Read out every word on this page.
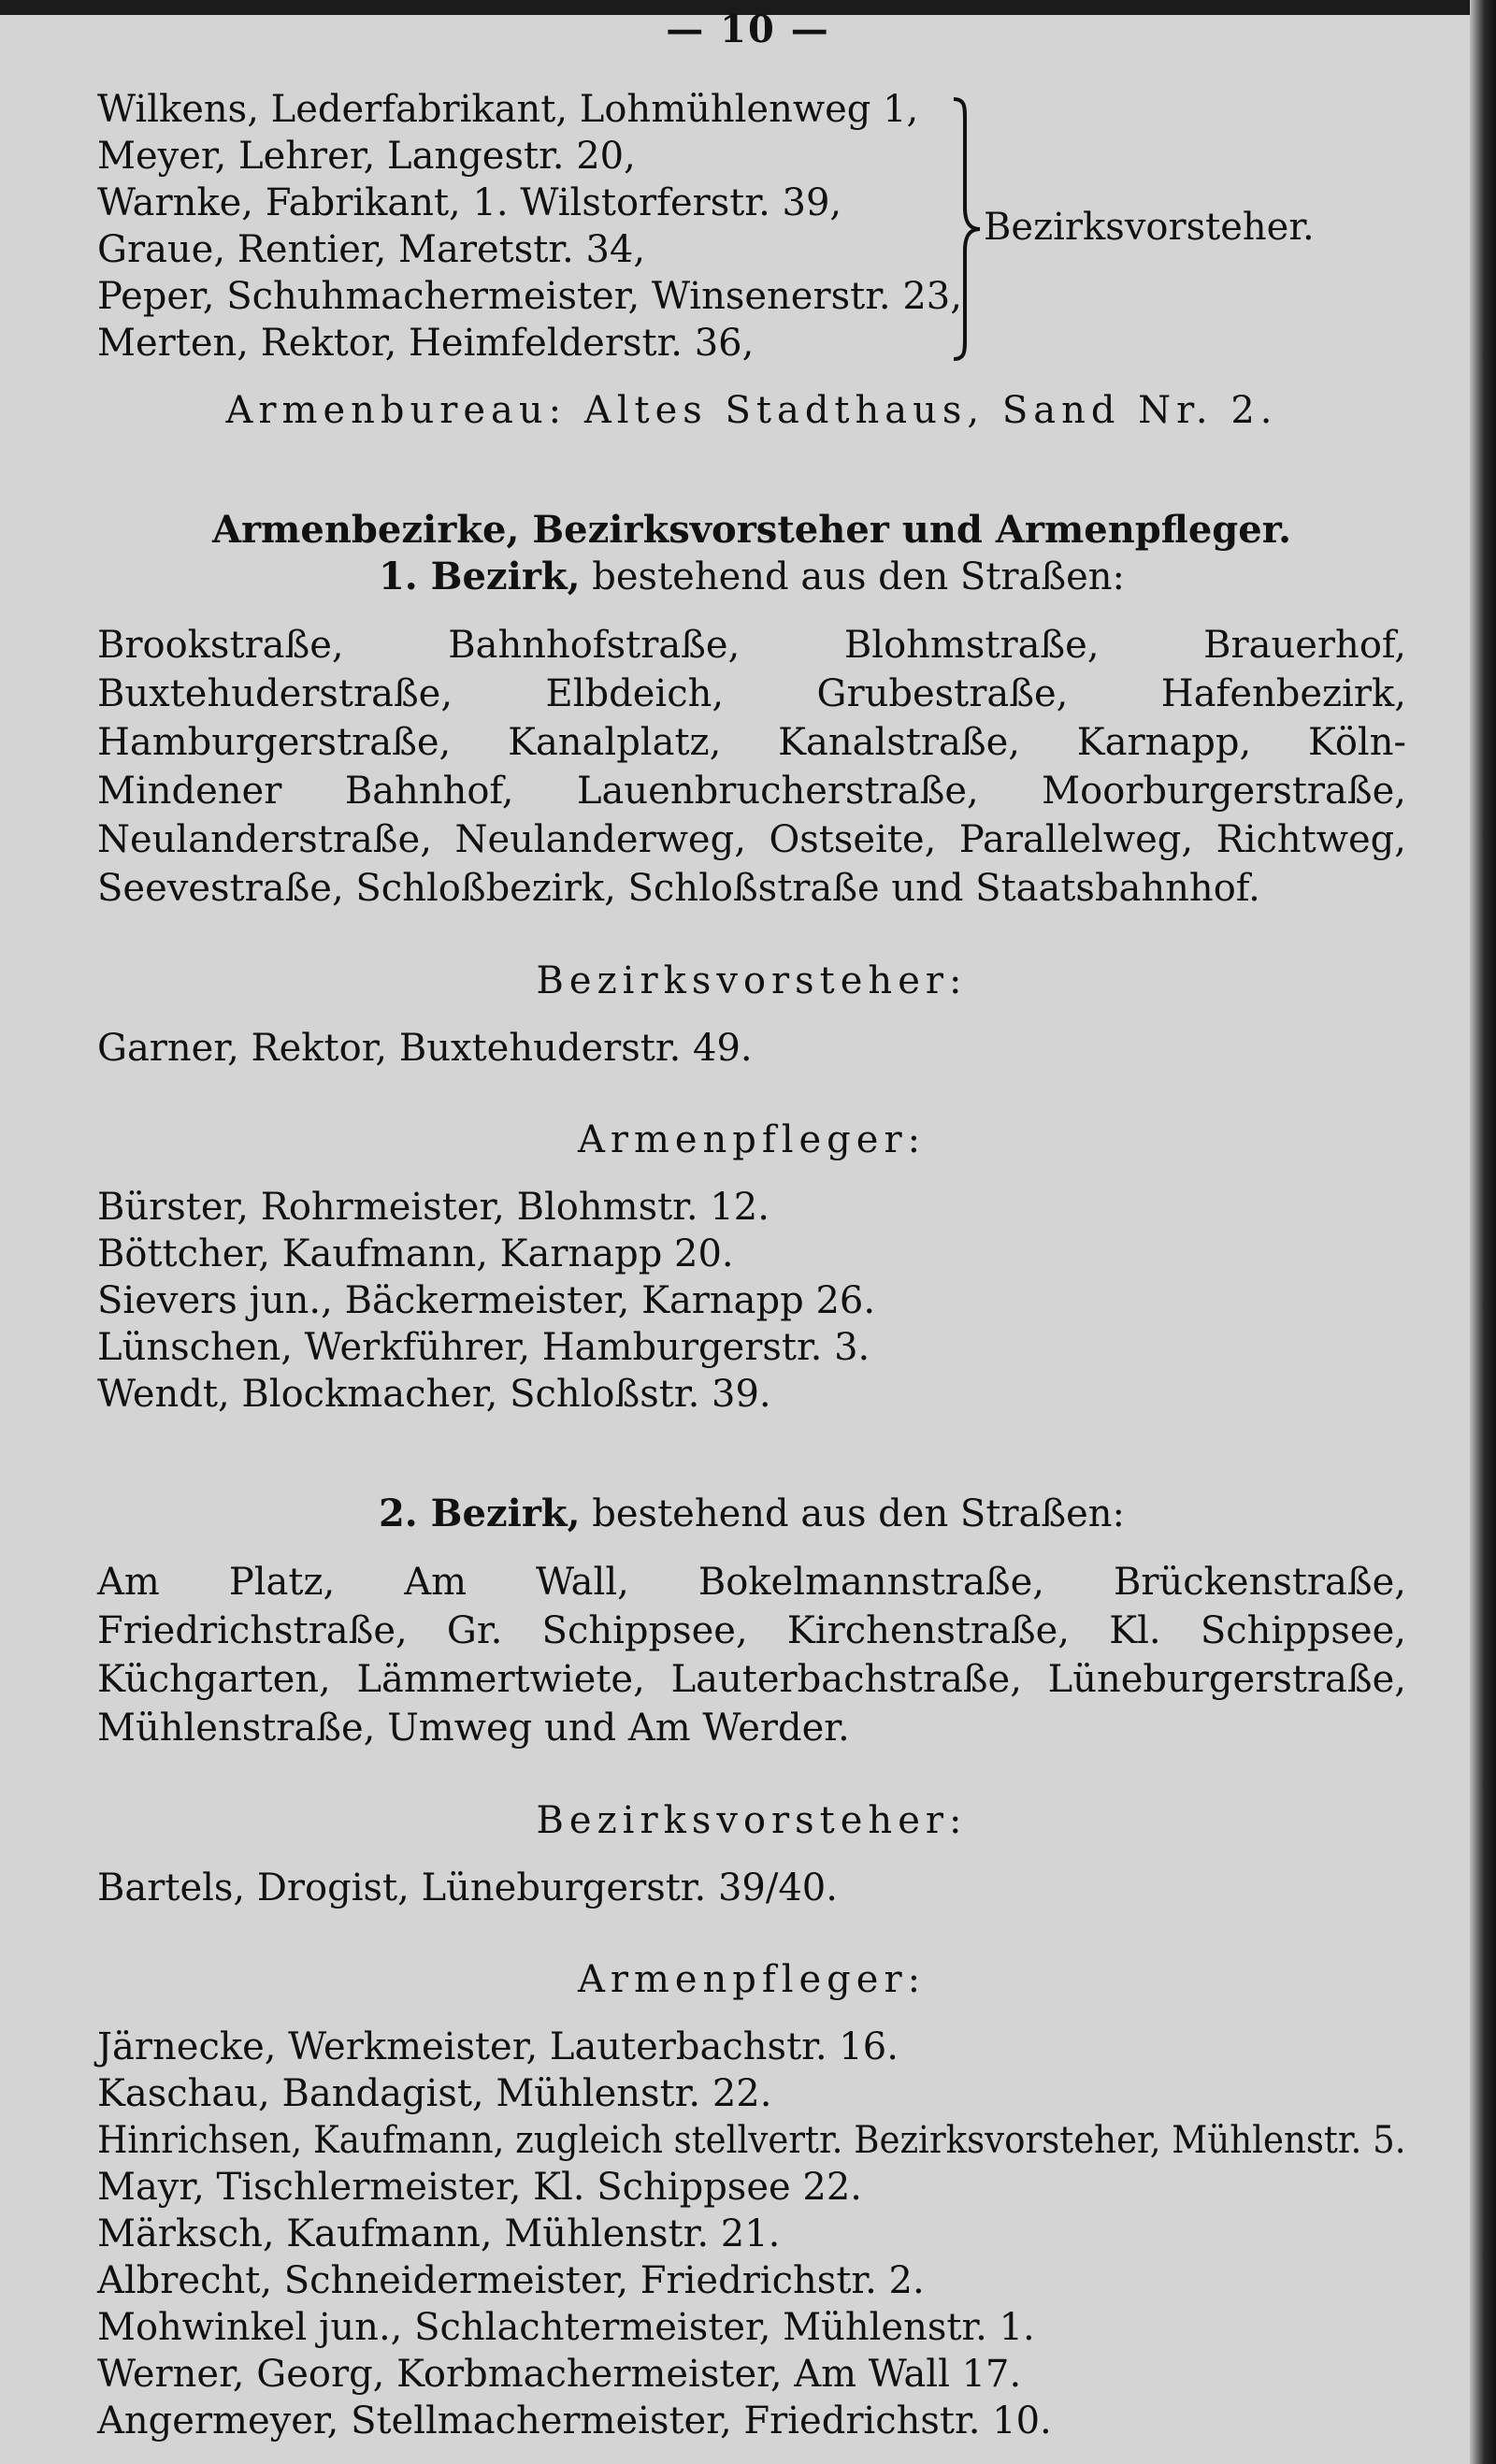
— 10 —
Wilkens, Lederfabrikant, Lohmühlenweg 1,
Meyer, Lehrer, Langestr. 20,
Warnke, Fabrikant, 1. Wilstorferstr. 39,
Graue, Rentier, Maretstr. 34,
Peper, Schuhmachermeister, Winsenerstr. 23,
Merten, Rektor, Heimfelderstr. 36,
Bezirksvorsteher.
Armenbureau: Altes Stadthaus, Sand Nr. 2.
Armenbezirke, Bezirksvorsteher und Armenpfleger.
1. Bezirk, bestehend aus den Straßen:
Brookstraße, Bahnhofstraße, Blohmstraße, Brauerhof, Buxtehuderstraße, Elbdeich, Grubestraße, Hafenbezirk, Hamburgerstraße, Kanalplatz, Kanalstraße, Karnapp, Köln-Mindener Bahnhof, Lauenbrucherstraße, Moorburgerstraße, Neulanderstraße, Neulanderweg, Ostseite, Parallelweg, Richtweg, Seevestraße, Schloßbezirk, Schloßstraße und Staatsbahnhof.
Bezirksvorsteher:
Garner, Rektor, Buxtehuderstr. 49.
Armenpfleger:
Bürster, Rohrmeister, Blohmstr. 12.
Böttcher, Kaufmann, Karnapp 20.
Sievers jun., Bäckermeister, Karnapp 26.
Lünschen, Werkführer, Hamburgerstr. 3.
Wendt, Blockmacher, Schloßstr. 39.
2. Bezirk, bestehend aus den Straßen:
Am Platz, Am Wall, Bokelmannstraße, Brückenstraße, Friedrichstraße, Gr. Schippsee, Kirchenstraße, Kl. Schippsee, Küchgarten, Lämmertwiete, Lauterbachstraße, Lüneburgerstraße, Mühlenstraße, Umweg und Am Werder.
Bezirksvorsteher:
Bartels, Drogist, Lüneburgerstr. 39/40.
Armenpfleger:
Järnecke, Werkmeister, Lauterbachstr. 16.
Kaschau, Bandagist, Mühlenstr. 22.
Hinrichsen, Kaufmann, zugleich stellvertr. Bezirksvorsteher, Mühlenstr. 5.
Mayr, Tischlermeister, Kl. Schippsee 22.
Märksch, Kaufmann, Mühlenstr. 21.
Albrecht, Schneidermeister, Friedrichstr. 2.
Mohwinkel jun., Schlachtermeister, Mühlenstr. 1.
Werner, Georg, Korbmachermeister, Am Wall 17.
Angermeyer, Stellmachermeister, Friedrichstr. 10.
